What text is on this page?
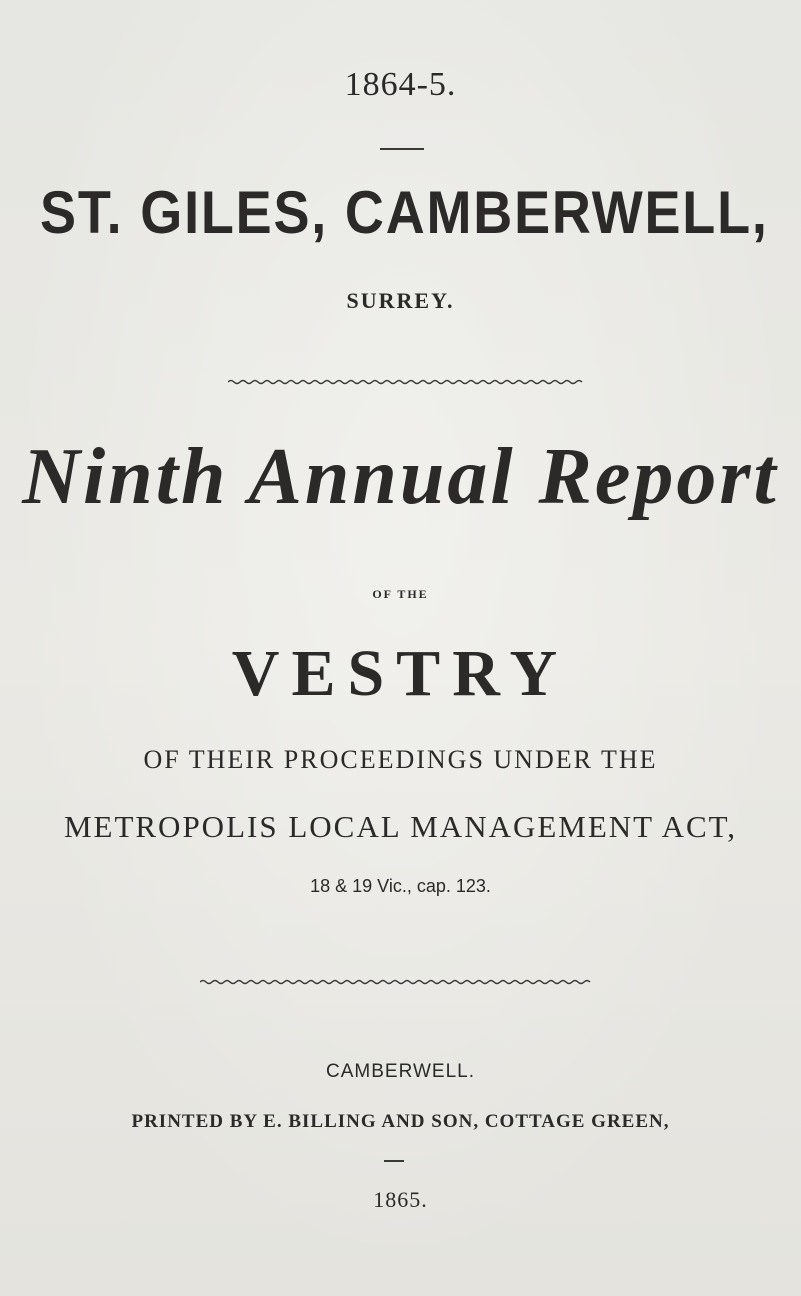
1864-5.
ST. GILES, CAMBERWELL,
SURREY.
Ninth Annual Report
OF THE
VESTRY
OF THEIR PROCEEDINGS UNDER THE
METROPOLIS LOCAL MANAGEMENT ACT,
18 & 19 Vic., cap. 123.
CAMBERWELL.
PRINTED BY E. BILLING AND SON, COTTAGE GREEN,
1865.
